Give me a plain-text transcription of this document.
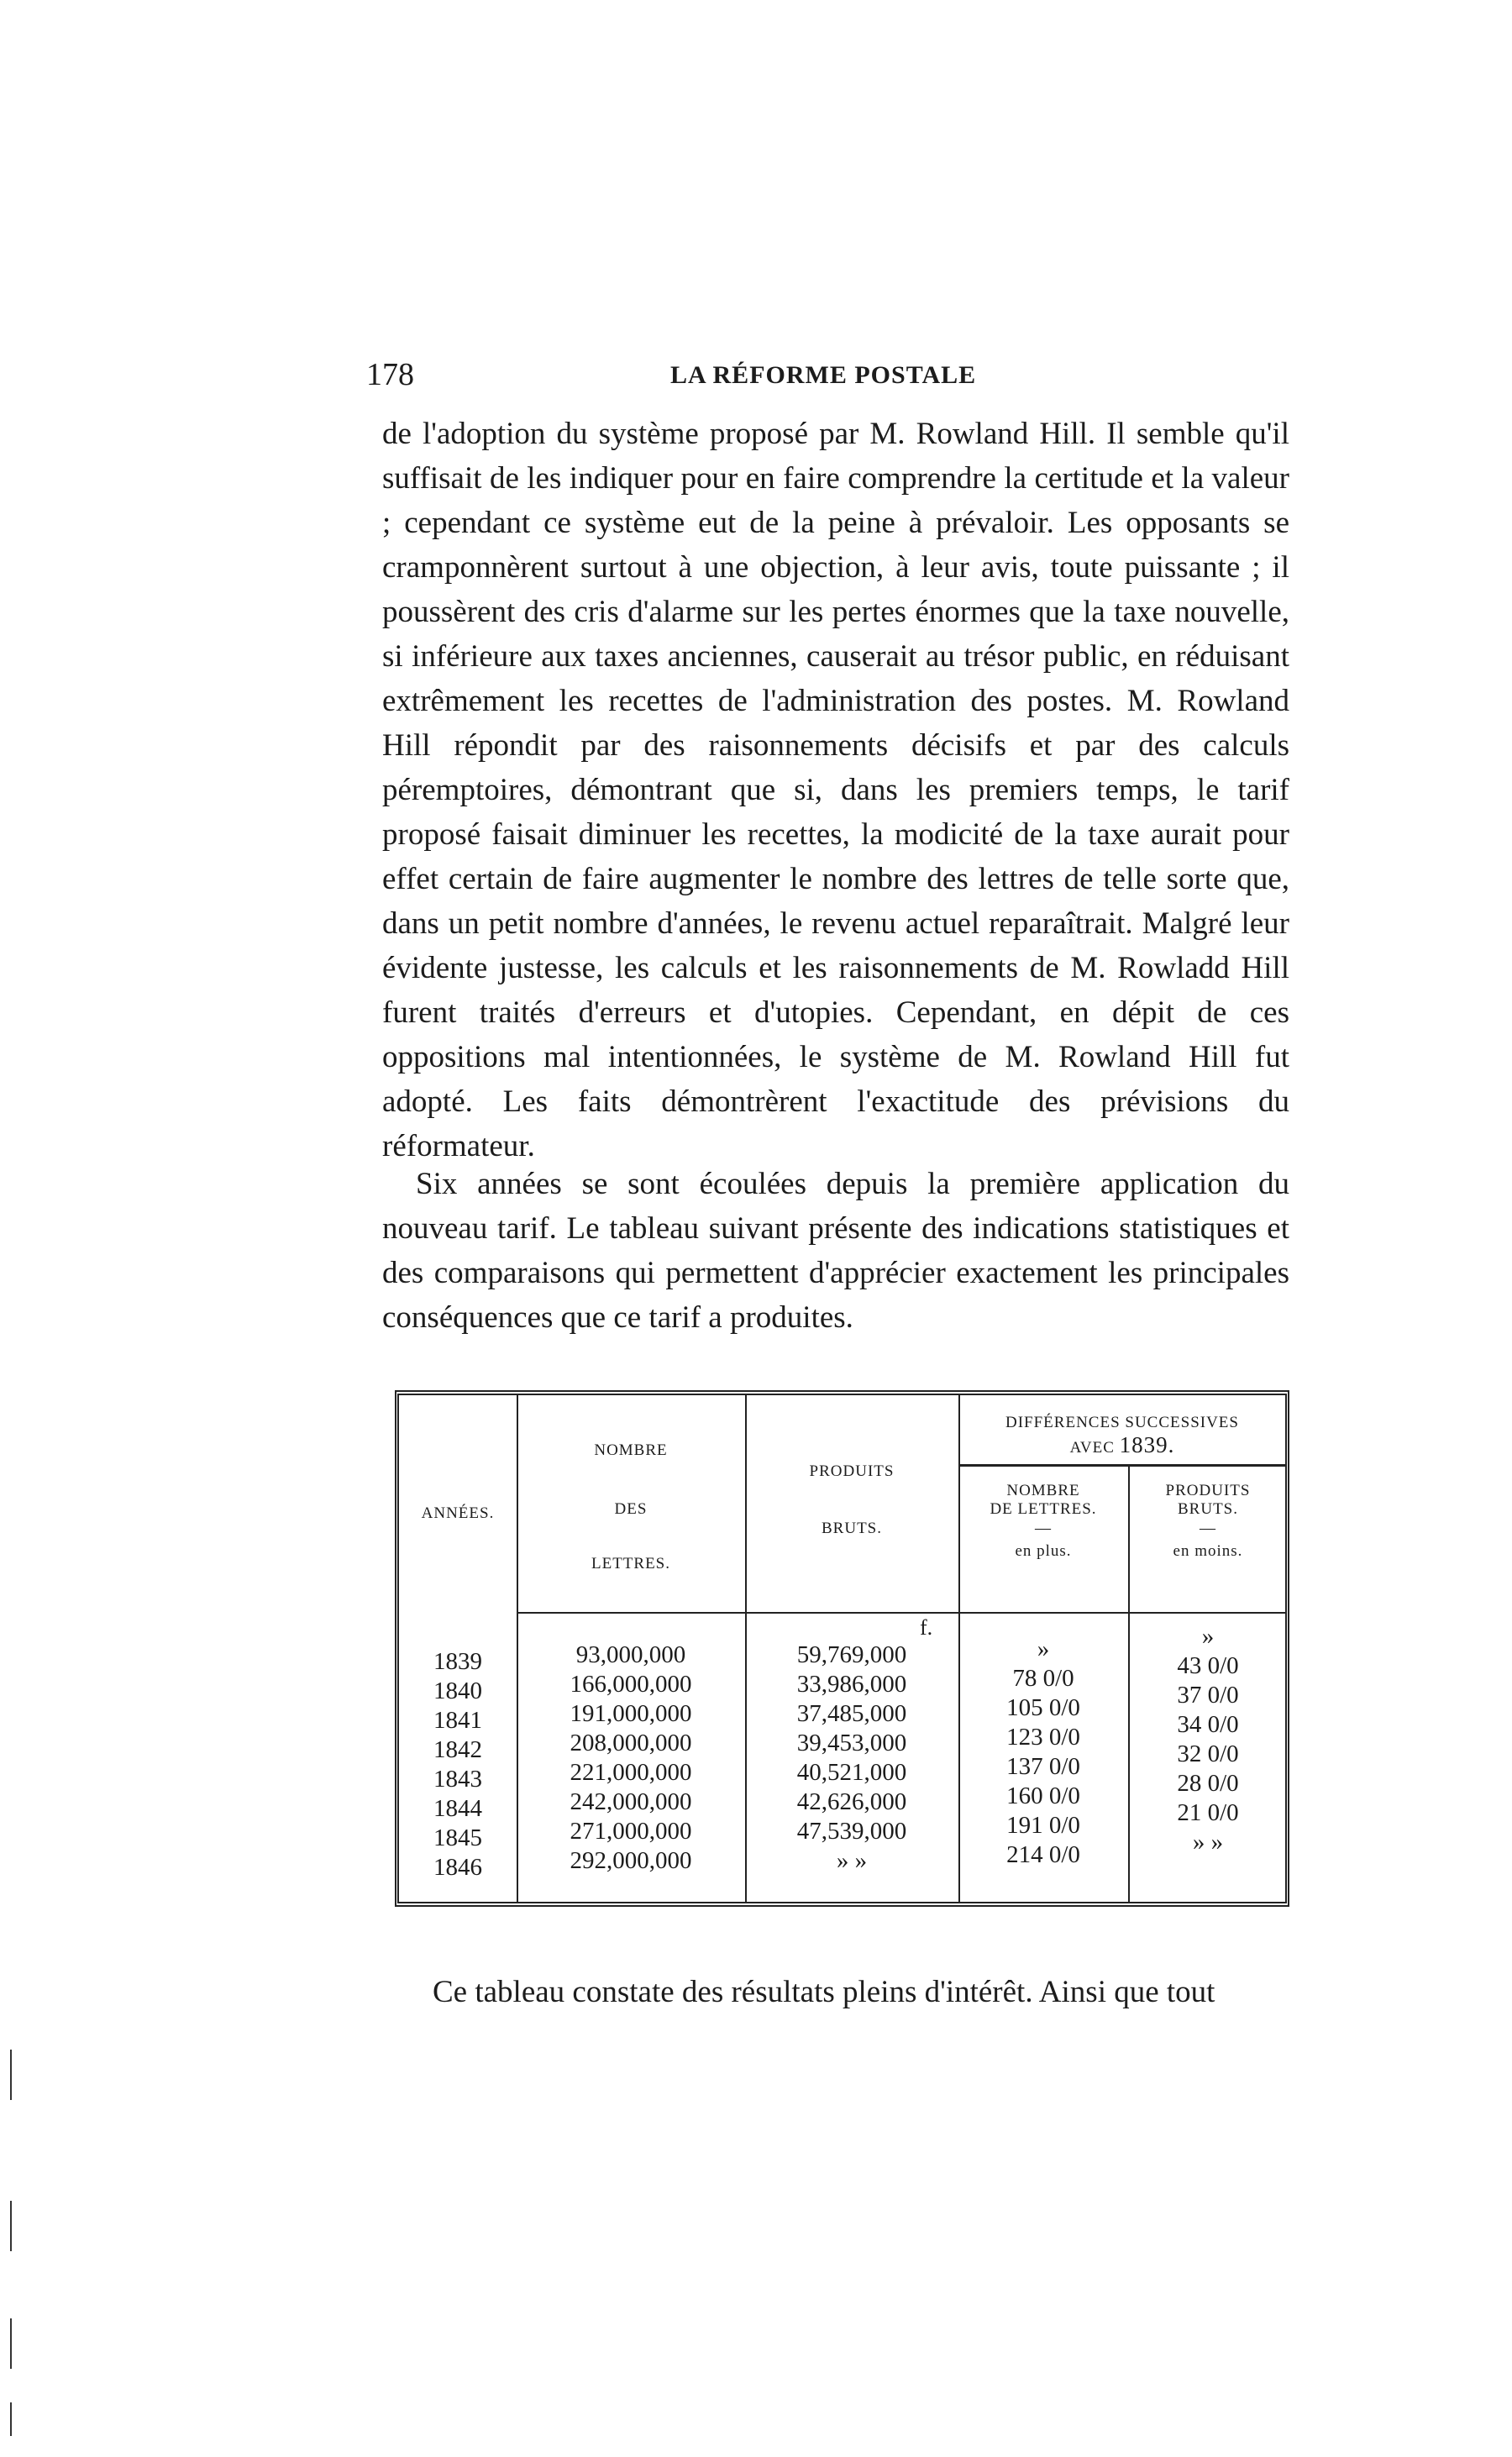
178	LA RÉFORME POSTALE

de l'adoption du système proposé par M. Rowland Hill. Il semble qu'il suffisait de les indiquer pour en faire comprendre la certitude et la valeur ; cependant ce système eut de la peine à prévaloir. Les opposants se cramponnèrent surtout à une objection, à leur avis, toute puissante ; il poussèrent des cris d'alarme sur les pertes énormes que la taxe nouvelle, si inférieure aux taxes anciennes, causerait au trésor public, en réduisant extrêmement les recettes de l'administration des postes. M. Rowland Hill répondit par des raisonnements décisifs et par des calculs péremptoires, démontrant que si, dans les premiers temps, le tarif proposé faisait diminuer les recettes, la modicité de la taxe aurait pour effet certain de faire augmenter le nombre des lettres de telle sorte que, dans un petit nombre d'années, le revenu actuel reparaîtrait. Malgré leur évidente justesse, les calculs et les raisonnements de M. Rowladd Hill furent traités d'erreurs et d'utopies. Cependant, en dépit de ces oppositions mal intentionnées, le système de M. Rowland Hill fut adopté. Les faits démontrèrent l'exactitude des prévisions du réformateur.

Six années se sont écoulées depuis la première application du nouveau tarif. Le tableau suivant présente des indications statistiques et des comparaisons qui permettent d'apprécier exactement les principales conséquences que ce tarif a produites.

ANNÉES.
NOMBRE
DES
LETTRES.
PRODUITS
BRUTS.
DIFFÉRENCES SUCCESSIVES
AVEC 1839.
NOMBRE
DE LETTRES.
—
en plus.
PRODUITS
BRUTS.
—
en moins.
f.
1839
1840
1841
1842
1843
1844
1845
1846
93,000,000
166,000,000
191,000,000
208,000,000
221,000,000
242,000,000
271,000,000
292,000,000
59,769,000
33,986,000
37,485,000
39,453,000
40,521,000
42,626,000
47,539,000
» »
»
78 0/0
105 0/0
123 0/0
137 0/0
160 0/0
191 0/0
214 0/0
»
43 0/0
37 0/0
34 0/0
32 0/0
28 0/0
21 0/0
» »

Ce tableau constate des résultats pleins d'intérêt. Ainsi que tout
